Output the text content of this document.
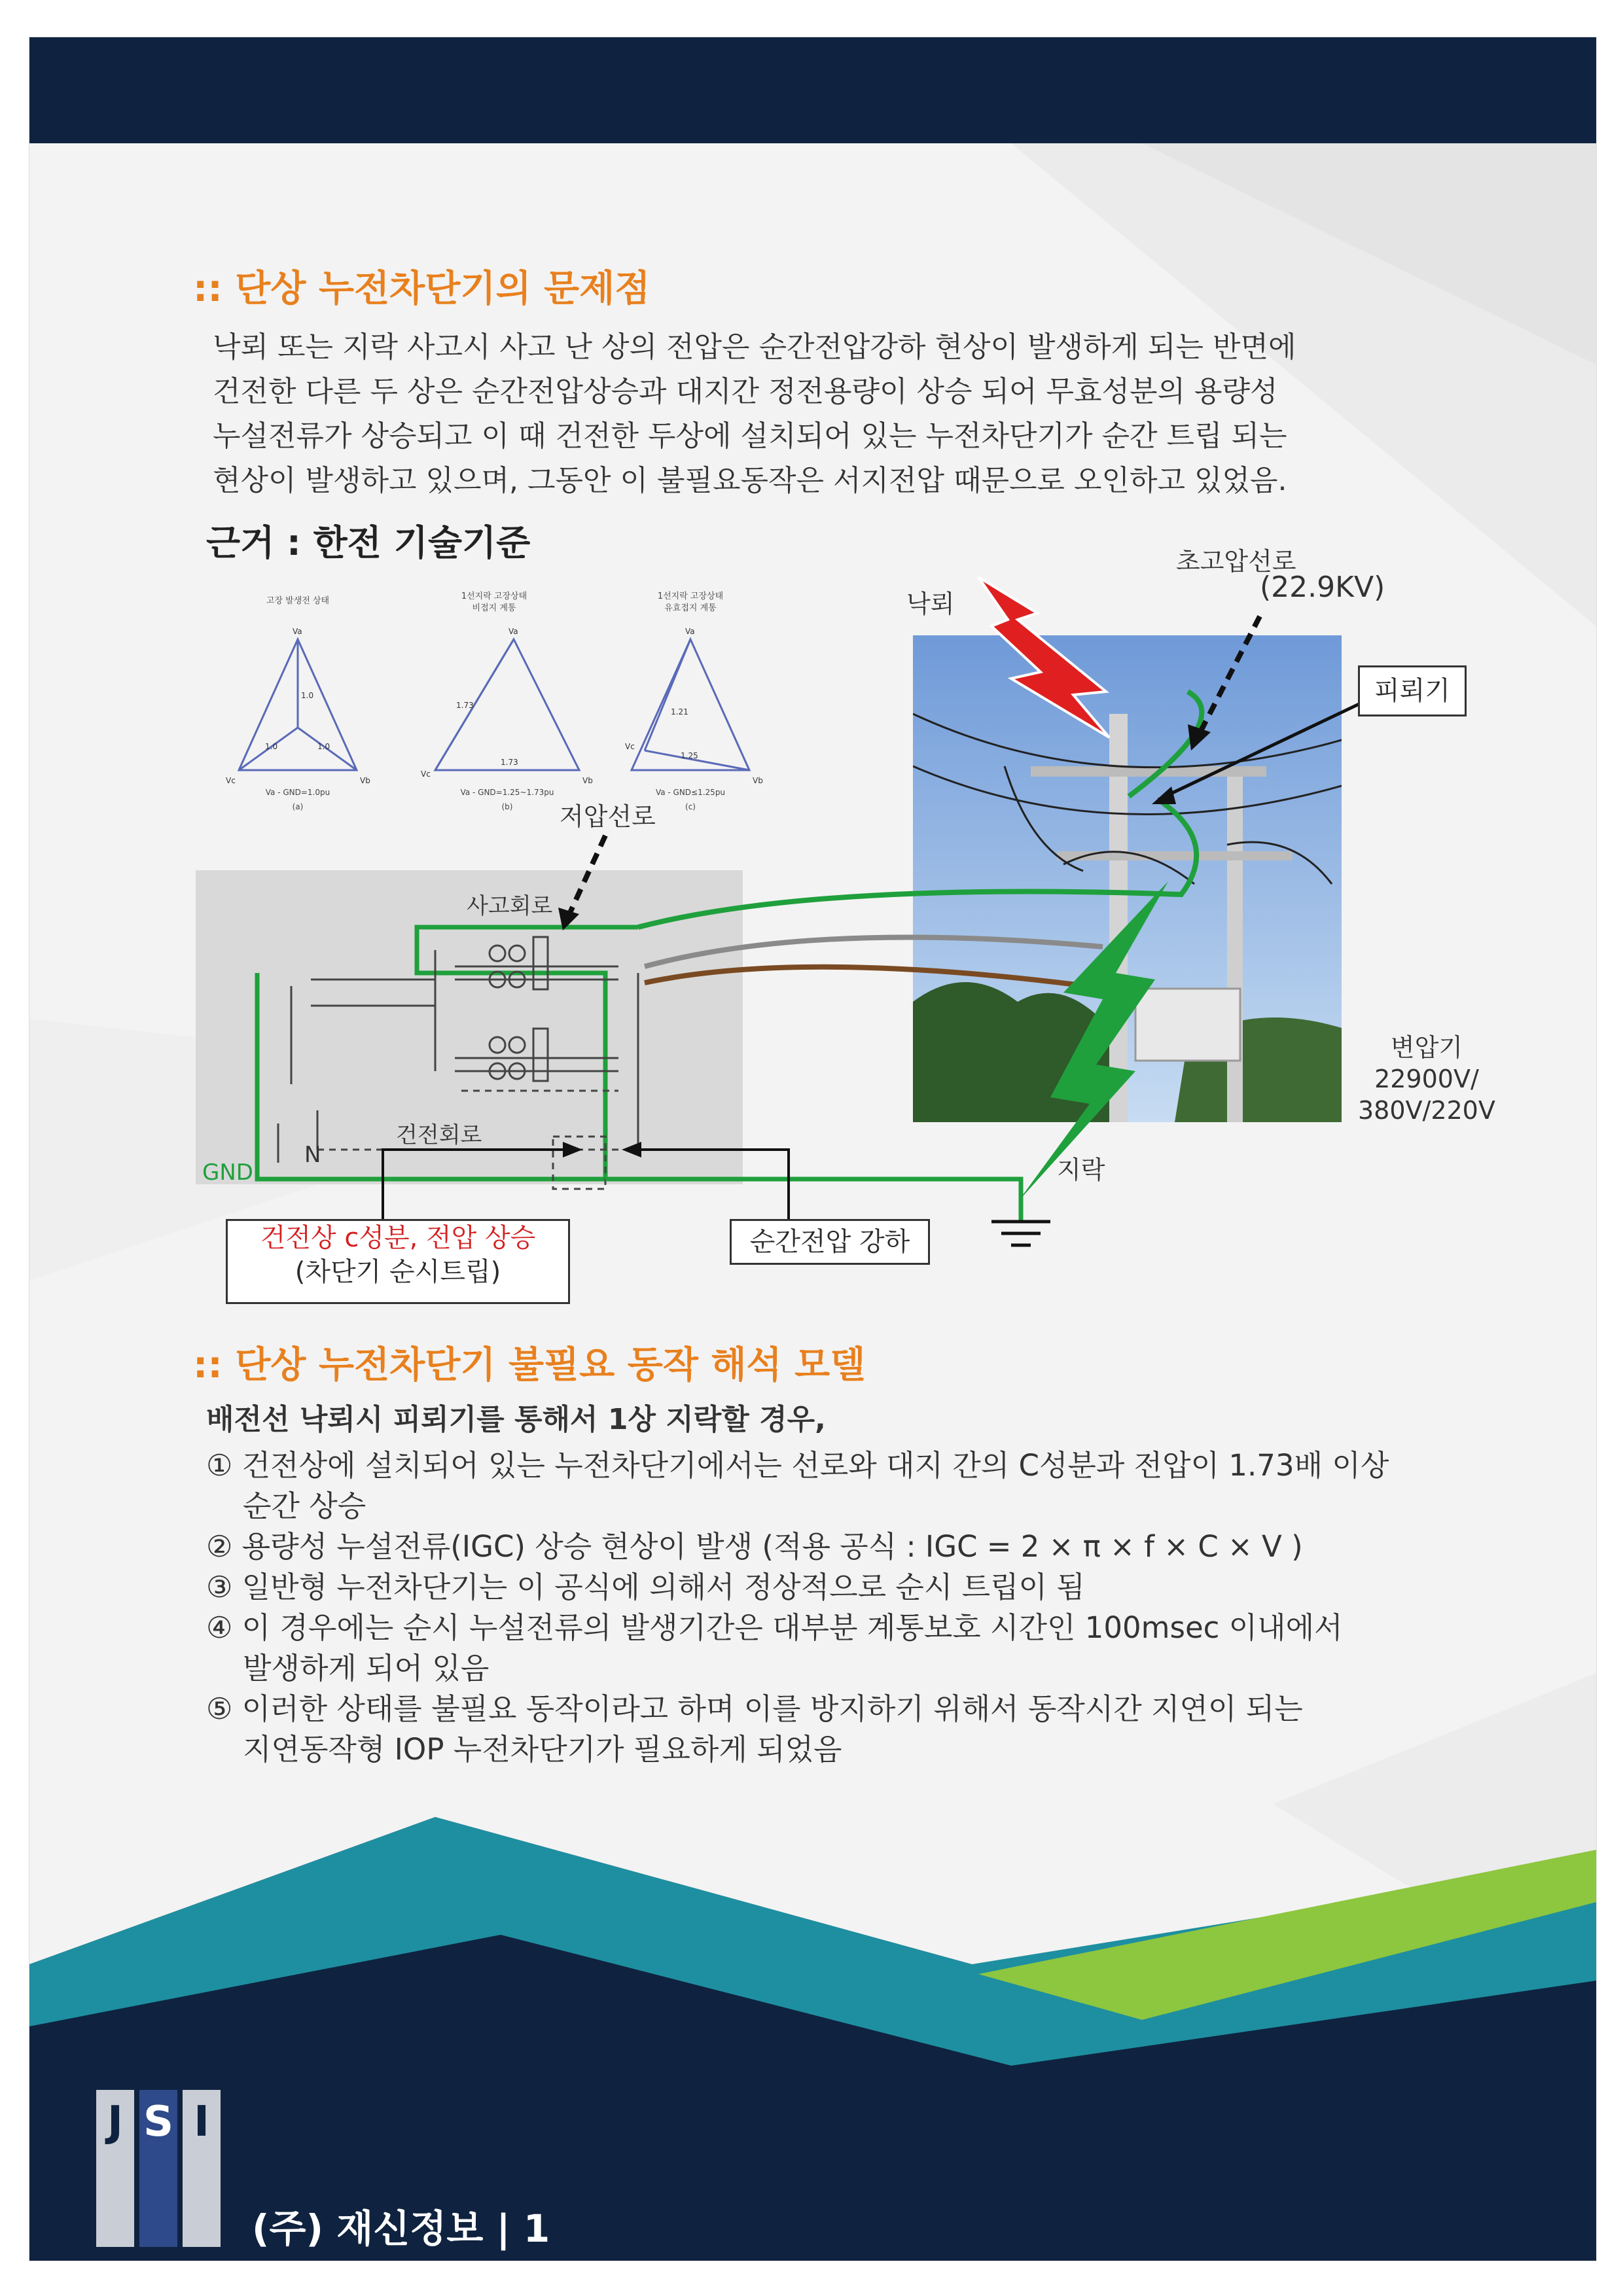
:: 단상 누전차단기의 문제점
낙뢰 또는 지락 사고시 사고 난 상의 전압은 순간전압강하 현상이 발생하게 되는 반면에
건전한 다른 두 상은 순간전압상승과 대지간 정전용량이 상승 되어 무효성분의 용량성
누설전류가 상승되고 이 때 건전한 두상에 설치되어 있는 누전차단기가 순간 트립 되는
현상이 발생하고 있으며, 그동안 이 불필요동작은 서지전압 때문으로 오인하고 있었음.
근거 : 한전 기술기준
고장 발생전 상태
1.0
1.0	1.0
Va
Vb
Vc
Va - GND=1.0pu
(a)
1선지락 고장상태
비접지 계통
1.73
1.73
Va
Vb
Vc
Va - GND=1.25~1.73pu
(b)
1선지락 고장상태
유효접지 계통
1.21
1.25
Va
Vb
Vc
Va - GND≤1.25pu
(c)
낙뢰
초고압선로
(22.9KV)
피뢰기
저압선로
사고회로
건전회로
N
GND
변압기
22900V/
380V/220V
지락
건전상 c성분, 전압 상승
(차단기 순시트립)
순간전압 강하
:: 단상 누전차단기 불필요 동작 해석 모델
배전선 낙뢰시 피뢰기를 통해서 1상 지락할 경우,
① 건전상에 설치되어 있는 누전차단기에서는 선로와 대지 간의 C성분과 전압이 1.73배 이상
순간 상승
② 용량성 누설전류(IGC) 상승 현상이 발생 (적용 공식 : IGC = 2 × π × f × C × V )
③ 일반형 누전차단기는 이 공식에 의해서 정상적으로 순시 트립이 됨
④ 이 경우에는 순시 누설전류의 발생기간은 대부분 계통보호 시간인 100msec 이내에서
발생하게 되어 있음
⑤ 이러한 상태를 불필요 동작이라고 하며 이를 방지하기 위해서 동작시간 지연이 되는
지연동작형 IOP 누전차단기가 필요하게 되었음
J S I
(주) 재신정보 | 1
